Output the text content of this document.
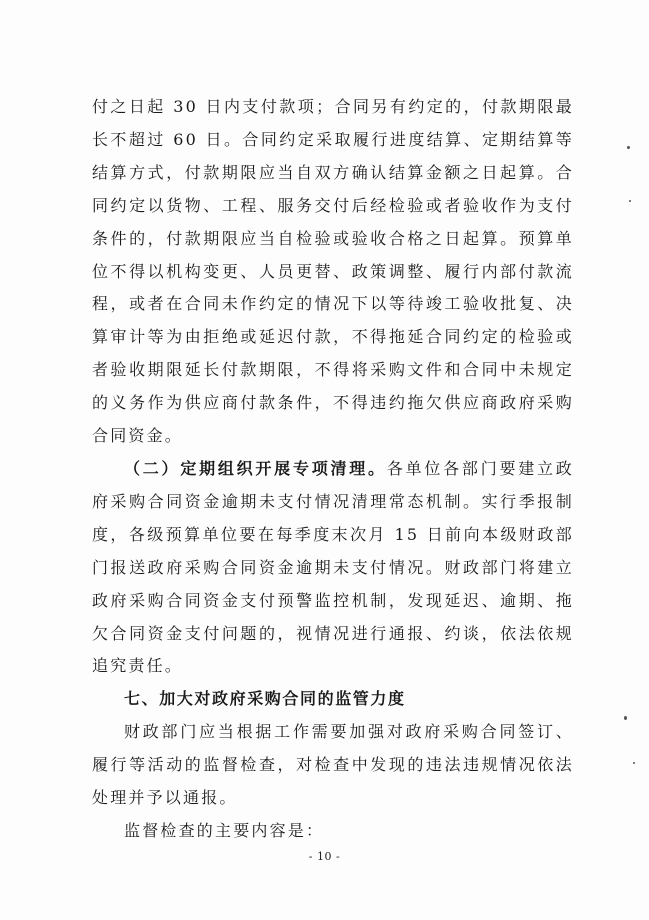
付之日起 30 日内支付款项；合同另有约定的，付款期限最长不超过 60 日。合同约定采取履行进度结算、定期结算等结算方式，付款期限应当自双方确认结算金额之日起算。合同约定以货物、工程、服务交付后经检验或者验收作为支付条件的，付款期限应当自检验或验收合格之日起算。预算单位不得以机构变更、人员更替、政策调整、履行内部付款流程，或者在合同未作约定的情况下以等待竣工验收批复、决算审计等为由拒绝或延迟付款，不得拖延合同约定的检验或者验收期限延长付款期限，不得将采购文件和合同中未规定的义务作为供应商付款条件，不得违约拖欠供应商政府采购合同资金。

（二）定期组织开展专项清理。各单位各部门要建立政府采购合同资金逾期未支付情况清理常态机制。实行季报制度，各级预算单位要在每季度末次月 15 日前向本级财政部门报送政府采购合同资金逾期未支付情况。财政部门将建立政府采购合同资金支付预警监控机制，发现延迟、逾期、拖欠合同资金支付问题的，视情况进行通报、约谈，依法依规追究责任。

七、加大对政府采购合同的监管力度

财政部门应当根据工作需要加强对政府采购合同签订、履行等活动的监督检查，对检查中发现的违法违规情况依法处理并予以通报。

监督检查的主要内容是：

- 10 -
